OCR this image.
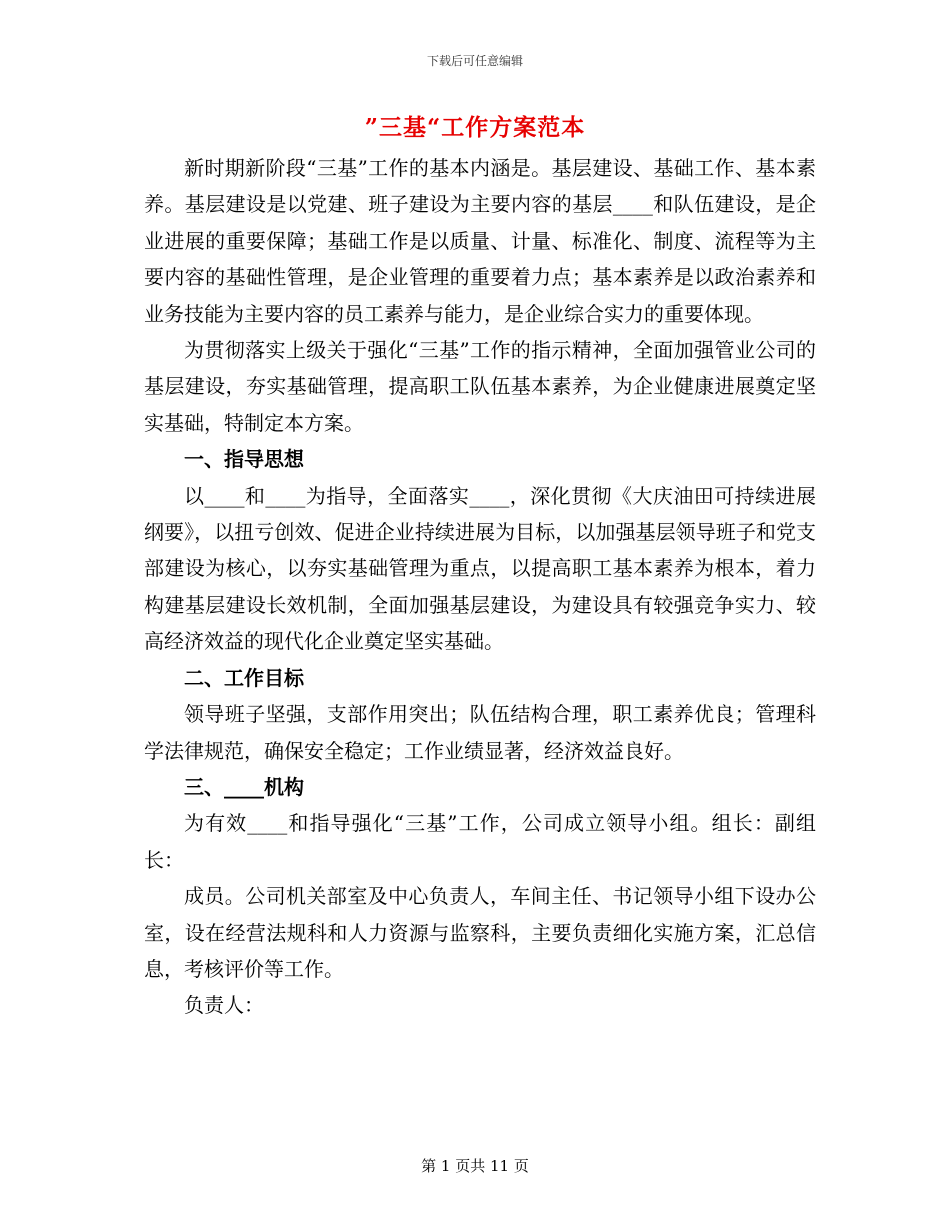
下载后可任意编辑
”三基“工作方案范本

新时期新阶段“三基”工作的基本内涵是。基层建设、基础工作、基本素养。基层建设是以党建、班子建设为主要内容的基层____和队伍建设，是企业进展的重要保障；基础工作是以质量、计量、标准化、制度、流程等为主要内容的基础性管理，是企业管理的重要着力点；基本素养是以政治素养和业务技能为主要内容的员工素养与能力，是企业综合实力的重要体现。

为贯彻落实上级关于强化“三基”工作的指示精神，全面加强管业公司的基层建设，夯实基础管理，提高职工队伍基本素养，为企业健康进展奠定坚实基础，特制定本方案。

一、指导思想

以____和____为指导，全面落实____，深化贯彻《大庆油田可持续进展纲要》，以扭亏创效、促进企业持续进展为目标，以加强基层领导班子和党支部建设为核心，以夯实基础管理为重点，以提高职工基本素养为根本，着力构建基层建设长效机制，全面加强基层建设，为建设具有较强竞争实力、较高经济效益的现代化企业奠定坚实基础。

二、工作目标

领导班子坚强，支部作用突出；队伍结构合理，职工素养优良；管理科学法律规范，确保安全稳定；工作业绩显著，经济效益良好。

三、____机构

为有效____和指导强化“三基”工作，公司成立领导小组。组长：副组长：

成员。公司机关部室及中心负责人，车间主任、书记领导小组下设办公室，设在经营法规科和人力资源与监察科，主要负责细化实施方案，汇总信息，考核评价等工作。

负责人：

第 1 页共 11 页
